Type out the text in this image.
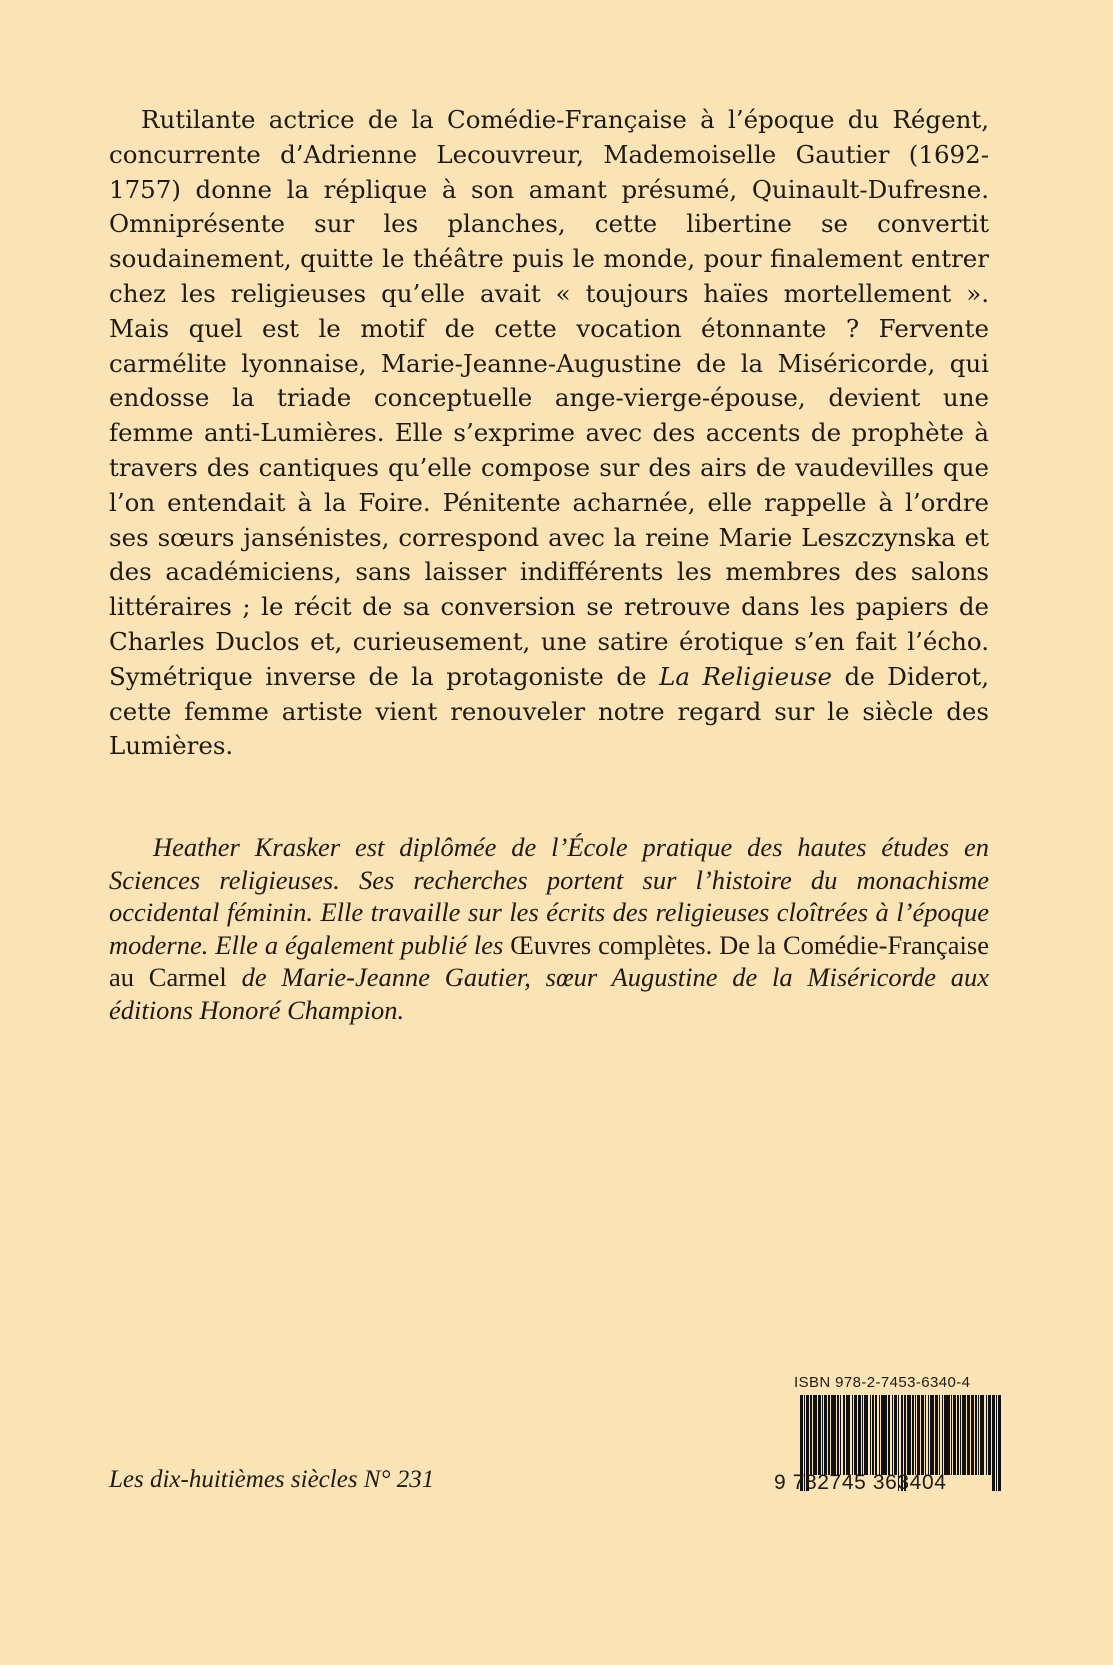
Rutilante actrice de la Comédie-Française à l’époque du Régent, concurrente d’Adrienne Lecouvreur, Mademoiselle Gautier (1692-1757) donne la réplique à son amant présumé, Quinault-Dufresne. Omniprésente sur les planches, cette libertine se convertit soudainement, quitte le théâtre puis le monde, pour finalement entrer chez les religieuses qu’elle avait « toujours haïes mortellement ». Mais quel est le motif de cette vocation étonnante ? Fervente carmélite lyonnaise, Marie-Jeanne-Augustine de la Miséricorde, qui endosse la triade conceptuelle ange-vierge-épouse, devient une femme anti-Lumières. Elle s’exprime avec des accents de prophète à travers des cantiques qu’elle compose sur des airs de vaudevilles que l’on entendait à la Foire. Pénitente acharnée, elle rappelle à l’ordre ses sœurs jansénistes, correspond avec la reine Marie Leszczynska et des académiciens, sans laisser indifférents les membres des salons littéraires ; le récit de sa conversion se retrouve dans les papiers de Charles Duclos et, curieusement, une satire érotique s’en fait l’écho. Symétrique inverse de la protagoniste de La Religieuse de Diderot, cette femme artiste vient renouveler notre regard sur le siècle des Lumières.

Heather Krasker est diplômée de l’École pratique des hautes études en Sciences religieuses. Ses recherches portent sur l’histoire du monachisme occidental féminin. Elle travaille sur les écrits des religieuses cloîtrées à l’époque moderne. Elle a également publié les Œuvres complètes. De la Comédie-Française au Carmel de Marie-Jeanne Gautier, sœur Augustine de la Miséricorde aux éditions Honoré Champion.

Les dix-huitièmes siècles N° 231
ISBN 978-2-7453-6340-4
9 782745 363404
